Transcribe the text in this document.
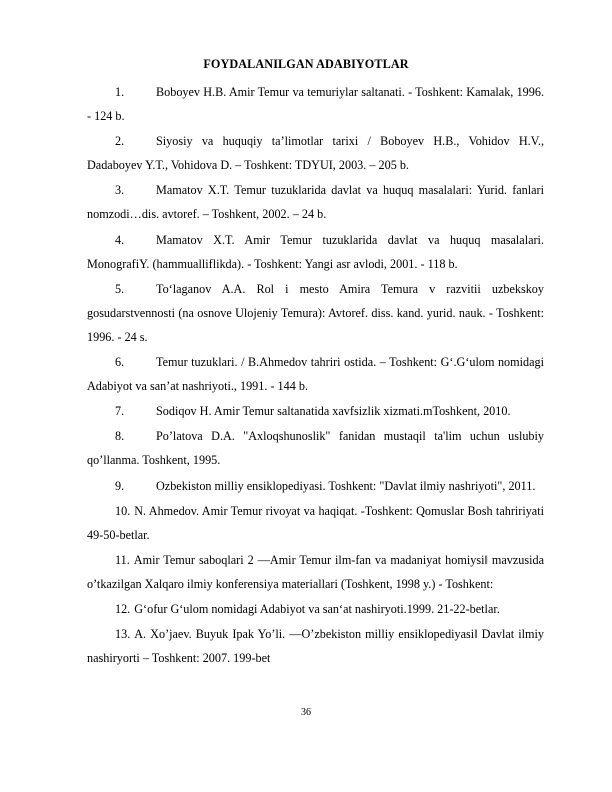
FOYDALANILGAN ADABIYOTLAR

1.	Boboyev H.B. Amir Temur va temuriylar saltanati. - Toshkent: Kamalak, 1996. - 124 b.

2.	Siyosiy va huquqiy ta’limotlar tarixi / Boboyev H.B., Vohidov H.V., Dadaboyev Y.T., Vohidova D. – Toshkent: TDYUI, 2003. – 205 b.

3.	Mamatov X.T. Temur tuzuklarida davlat va huquq masalalari: Yurid. fanlari nomzodi…dis. avtoref. – Toshkent, 2002. – 24 b.

4.	Mamatov X.T. Amir Temur tuzuklarida davlat va huquq masalalari. MonografiY. (hammualliflikda). - Toshkent: Yangi asr avlodi, 2001. - 118 b.

5.	To‘laganov A.A. Rol i mesto Amira Temura v razvitii uzbekskoy gosudarstvennosti (na osnove Ulojeniy Temura): Avtoref. diss. kand. yurid. nauk. - Toshkent: 1996. - 24 s.

6.	Temur tuzuklari. / B.Ahmedov tahriri ostida. – Toshkent: G‘.G‘ulom nomidagi Adabiyot va san’at nashriyoti., 1991. - 144 b.

7.	Sodiqov H. Amir Temur saltanatida xavfsizlik xizmati.mToshkent, 2010.

8.	Po’latova D.A. "Axloqshunoslik" fanidan mustaqil ta'lim uchun uslubiy qo’llanma. Toshkent, 1995.

9.	Ozbekiston milliy ensiklopediyasi. Toshkent: "Davlat ilmiy nashriyoti", 2011.

10. N. Ahmedov. Amir Temur rivoyat va haqiqat. -Toshkent: Qomuslar Bosh tahririyati 49-50-betlar.

11. Amir Temur saboqlari 2 ―Amir Temur ilm-fan va madaniyat homiysi‖ mavzusida o’tkazilgan Xalqaro ilmiy konferensiya materiallari (Toshkent, 1998 y.) - Toshkent:

12. G‘ofur G‘ulom nomidagi Adabiyot va san‘at nashiryoti.1999. 21-22-betlar.

13. A. Xo’jaev. Buyuk Ipak Yo’li. ―O’zbekiston milliy ensiklopediyasi‖ Davlat ilmiy nashiryorti – Toshkent: 2007. 199-bet

36
